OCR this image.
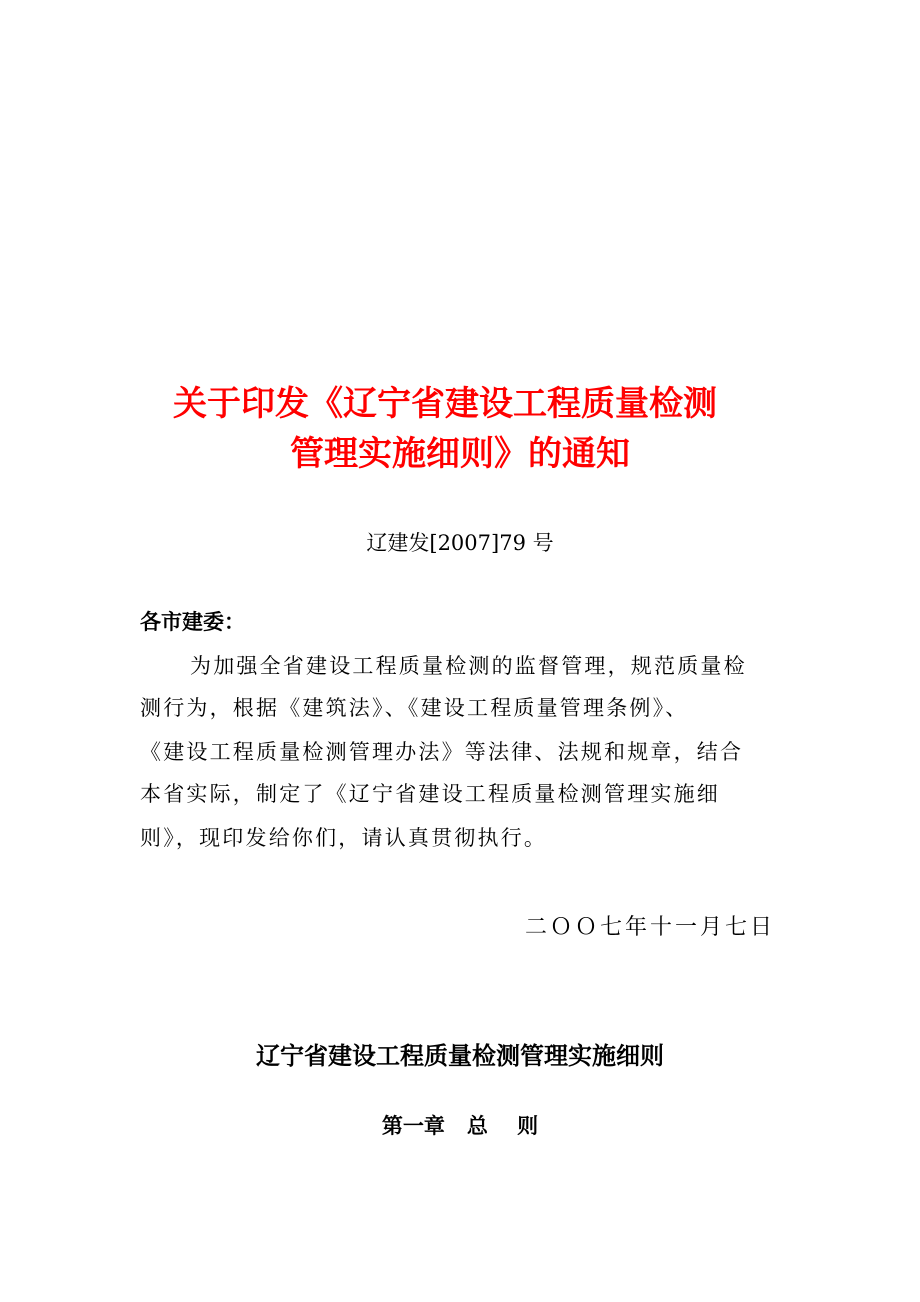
关于印发《辽宁省建设工程质量检测
管理实施细则》的通知
辽建发[2007]79 号
各市建委：
为加强全省建设工程质量检测的监督管理，规范质量检
测行为，根据《建筑法》、《建设工程质量管理条例》、
《建设工程质量检测管理办法》等法律、法规和规章，结合
本省实际，制定了《辽宁省建设工程质量检测管理实施细
则》，现印发给你们，请认真贯彻执行。
二ＯＯ七年十一月七日
辽宁省建设工程质量检测管理实施细则
第一章   总    则
